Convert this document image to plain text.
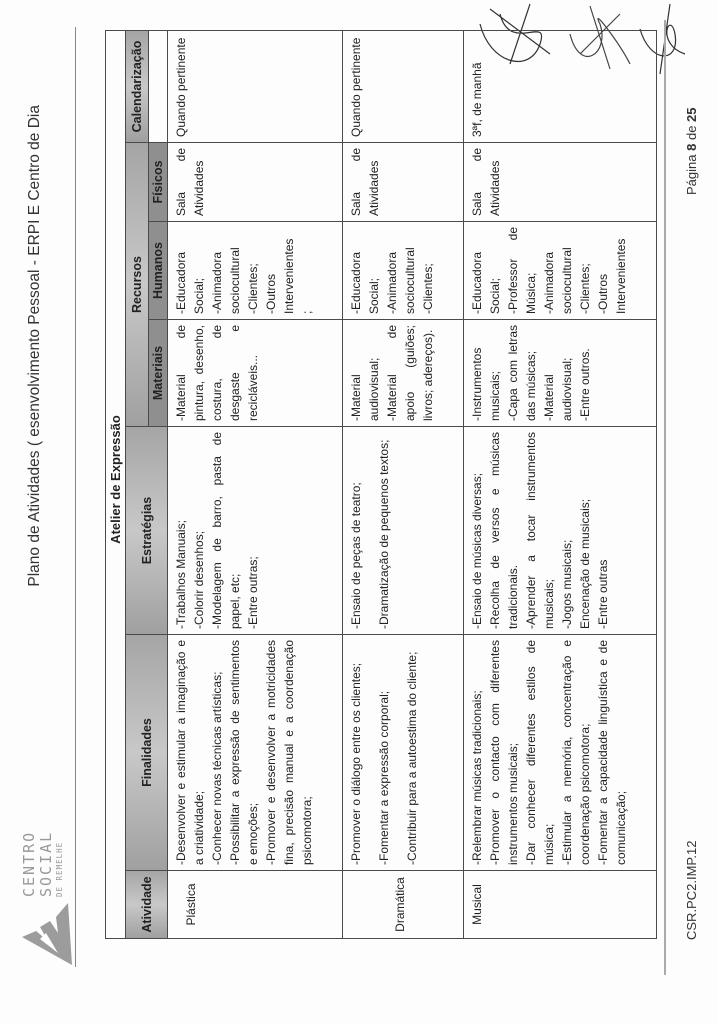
CENTRO SOCIAL DE REMELHE
Plano de Atividades ( esenvolvimento Pessoal - ERPI E Centro de Dia	Atelier de Expressão
Atividade
Finalidades
Estratégias
Recursos
Materiais
Humanos
Físicos
Calendarização
Plástica
-Desenvolver e estimular a imaginação e a criatividade; -Conhecer novas técnicas artísticas; -Possibilitar a expressão de sentimentos e emoções; -Promover e desenvolver a motricidades fina, precisão manual e a coordenação psicomotora;
-Trabalhos Manuais; -Colorir desenhos; -Modelagem de barro, pasta de papel, etc; -Entre outras;
-Material de pintura, desenho, costura, de desgaste e recicláveis...
-Educadora Social; -Animadora sociocultural -Clientes; -Outros Intervenientes ;
Sala de Atividades
Quando pertinente
Dramática
-Promover o diálogo entre os clientes; -Fomentar a expressão corporal; -Contribuir para a autoestima do cliente;
-Ensaio de peças de teatro; -Dramatização de pequenos textos;
-Material audiovisual; -Material de apoio (guiões; livros; adereços).
-Educadora Social; -Animadora sociocultural -Clientes;
Sala de Atividades
Quando pertinente
Musical
-Relembrar músicas tradicionais; -Promover o contacto com diferentes instrumentos musicais; -Dar conhecer diferentes estilos de música; -Estimular a memória, concentração e coordenação psicomotora; -Fomentar a capacidade linguística e de comunicação;
-Ensaio de músicas diversas; -Recolha de versos e músicas tradicionais. -Aprender a tocar instrumentos musicais; -Jogos musicais; Encenação de musicais; -Entre outras
-Instrumentos musicais; -Capa com letras das músicas; -Material audiovisual; -Entre outros.
-Educadora Social; -Professor de Música; -Animadora sociocultural -Clientes; -Outros Intervenientes
Sala de Atividades
3ªf, de manhã
CSR.PC2.IMP.12
Página 8 de 25
